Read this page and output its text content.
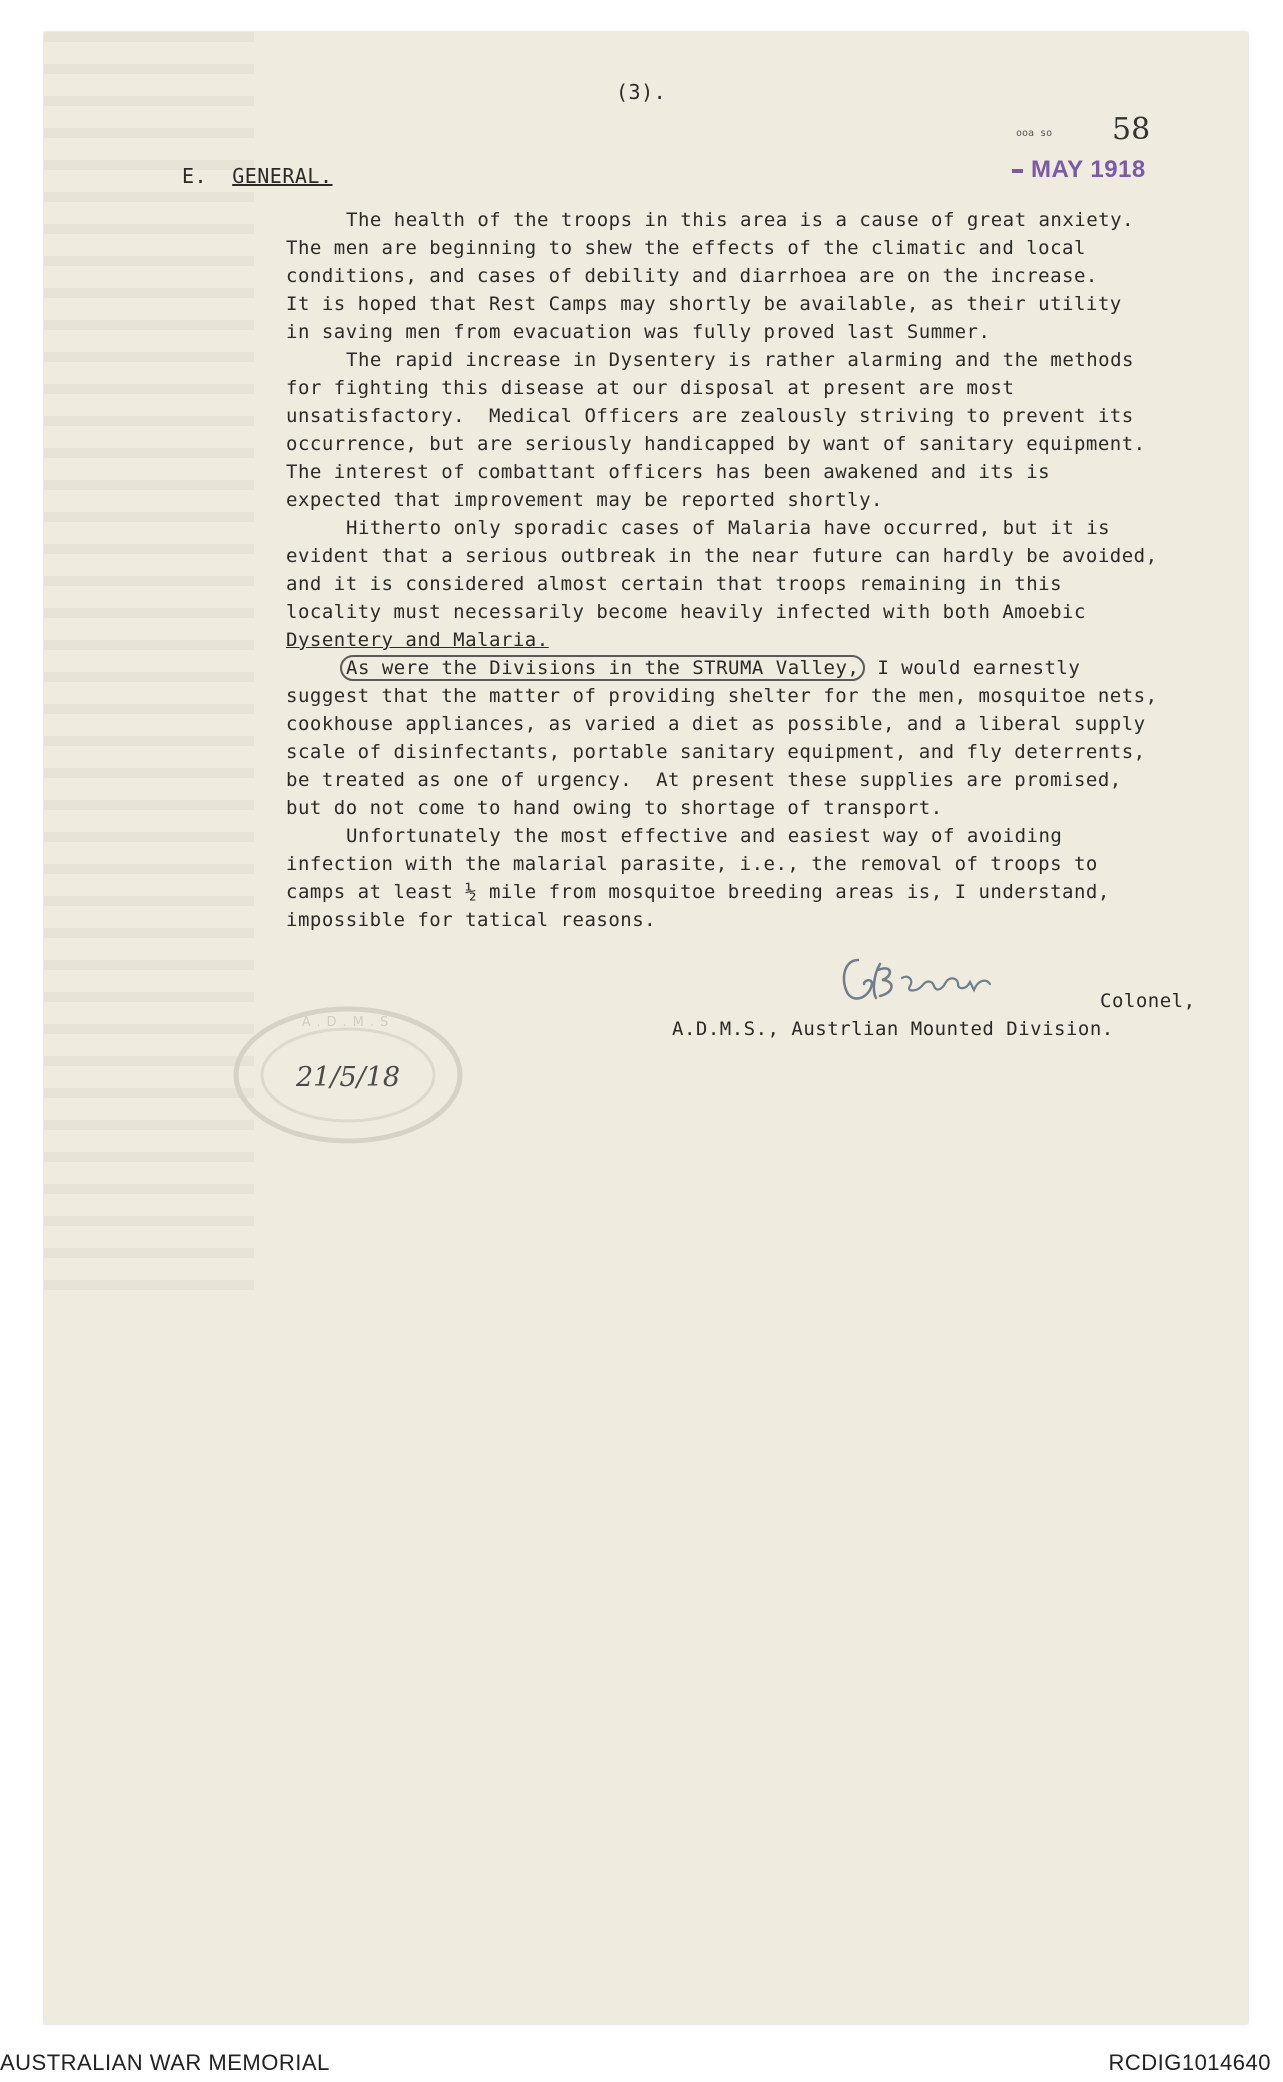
(3).
ooa so 58
MAY 1918
E. GENERAL.
The health of the troops in this area is a cause of great anxiety.
The men are beginning to shew the effects of the climatic and local
conditions, and cases of debility and diarrhoea are on the increase.
It is hoped that Rest Camps may shortly be available, as their utility
in saving men from evacuation was fully proved last Summer.
The rapid increase in Dysentery is rather alarming and the methods
for fighting this disease at our disposal at present are most
unsatisfactory.  Medical Officers are zealously striving to prevent its
occurrence, but are seriously handicapped by want of sanitary equipment.
The interest of combattant officers has been awakened and its is
expected that improvement may be reported shortly.
Hitherto only sporadic cases of Malaria have occurred, but it is
evident that a serious outbreak in the near future can hardly be avoided,
and it is considered almost certain that troops remaining in this
locality must necessarily become heavily infected with both Amoebic
Dysentery and Malaria.
As were the Divisions in the STRUMA Valley, I would earnestly
suggest that the matter of providing shelter for the men, mosquitoe nets,
cookhouse appliances, as varied a diet as possible, and a liberal supply
scale of disinfectants, portable sanitary equipment, and fly deterrents,
be treated as one of urgency.  At present these supplies are promised,
but do not come to hand owing to shortage of transport.
Unfortunately the most effective and easiest way of avoiding
infection with the malarial parasite, i.e., the removal of troops to
camps at least ½ mile from mosquitoe breeding areas is, I understand,
impossible for tatical reasons.
Colonel,
A.D.M.S., Austrlian Mounted Division.
A.D.M.S
21/5/18
AUSTRALIAN WAR MEMORIAL	RCDIG1014640
